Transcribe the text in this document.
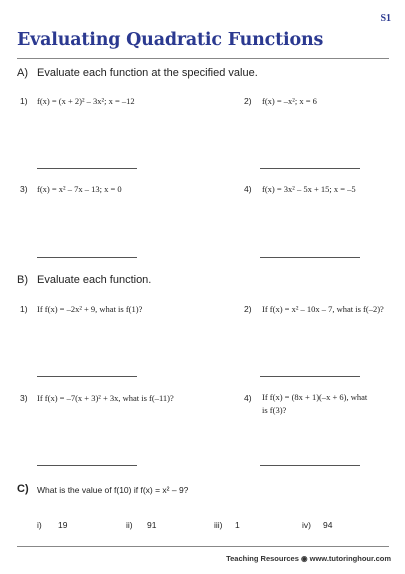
S1
Evaluating Quadratic Functions
A) Evaluate each function at the specified value.
1) f(x) = (x + 2)² – 3x²; x = –12	2) f(x) = –x²; x = 6
3) f(x) = x² – 7x – 13; x = 0	4) f(x) = 3x² – 5x + 15; x = –5
B) Evaluate each function.
1) If f(x) = –2x² + 9, what is f(1)?	2) If f(x) = x² – 10x – 7, what is f(–2)?
3) If f(x) = –7(x + 3)² + 3x, what is f(–11)?	4) If f(x) = (8x + 1)(–x + 6), what is f(3)?
C) What is the value of f(10) if f(x) = x² – 9?
i) 19	ii) 91	iii) 1	iv) 94
Teaching Resources ◉ www.tutoringhour.com
